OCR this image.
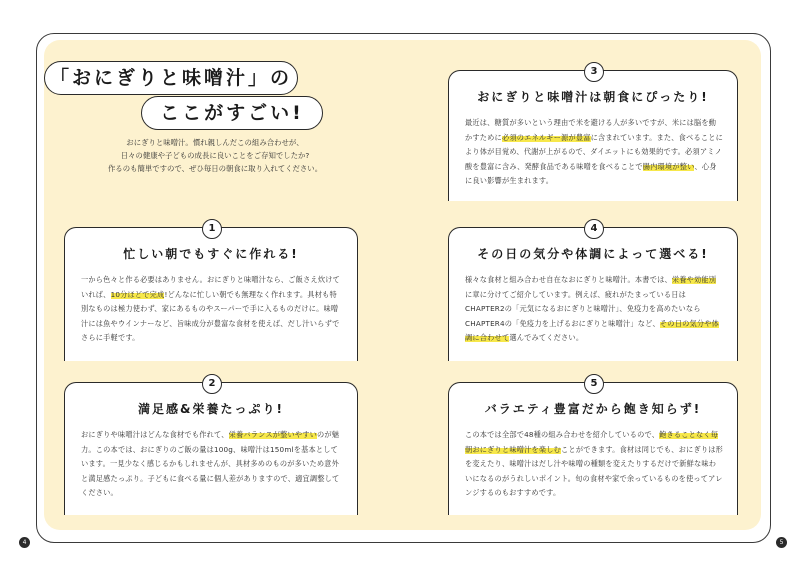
「おにぎりと味噌汁」の
ここがすごい!
おにぎりと味噌汁。慣れ親しんだこの組み合わせが、
日々の健康や子どもの成長に良いことをご存知でしたか?
作るのも簡単ですので、ぜひ毎日の朝食に取り入れてください。
3
おにぎりと味噌汁は朝食にぴったり!
最近は、糖質が多いという理由で米を避ける人が多いですが、米には脳を動かすために必須のエネルギー源が豊富に含まれています。また、食べることにより体が目覚め、代謝が上がるので、ダイエットにも効果的です。必須アミノ酸を豊富に含み、発酵食品である味噌を食べることで腸内環境が整い、心身に良い影響が生まれます。
1
忙しい朝でもすぐに作れる!
一から色々と作る必要はありません。おにぎりと味噌汁なら、ご飯さえ炊けていれば、10分ほどで完成!どんなに忙しい朝でも無理なく作れます。具材も特別なものは極力使わず、家にあるものやスーパーで手に入るものだけに。味噌汁には魚やウインナーなど、旨味成分が豊富な食材を使えば、だし汁いらずでさらに手軽です。
4
その日の気分や体調によって選べる!
様々な食材と組み合わせ自在なおにぎりと味噌汁。本書では、栄養や効能別に章に分けてご紹介しています。例えば、疲れがたまっている日はCHAPTER2の「元気になるおにぎりと味噌汁」、免疫力を高めたいならCHAPTER4の「免疫力を上げるおにぎりと味噌汁」など、その日の気分や体調に合わせて選んでみてください。
2
満足感&栄養たっぷり!
おにぎりや味噌汁はどんな食材でも作れて、栄養バランスが整いやすいのが魅力。この本では、おにぎりのご飯の量は100g、味噌汁は150mlを基本としています。一見少なく感じるかもしれませんが、具材多めのものが多いため意外と満足感たっぷり。子どもに食べる量に個人差がありますので、適宜調整してください。
5
バラエティ豊富だから飽き知らず!
この本では全部で48種の組み合わせを紹介しているので、飽きることなく毎朝おにぎりと味噌汁を楽しむことができます。食材は同じでも、おにぎりは形を変えたり、味噌汁はだし汁や味噌の種類を変えたりするだけで新鮮な味わいになるのがうれしいポイント。旬の食材や家で余っているものを使ってアレンジするのもおすすめです。
4	5
